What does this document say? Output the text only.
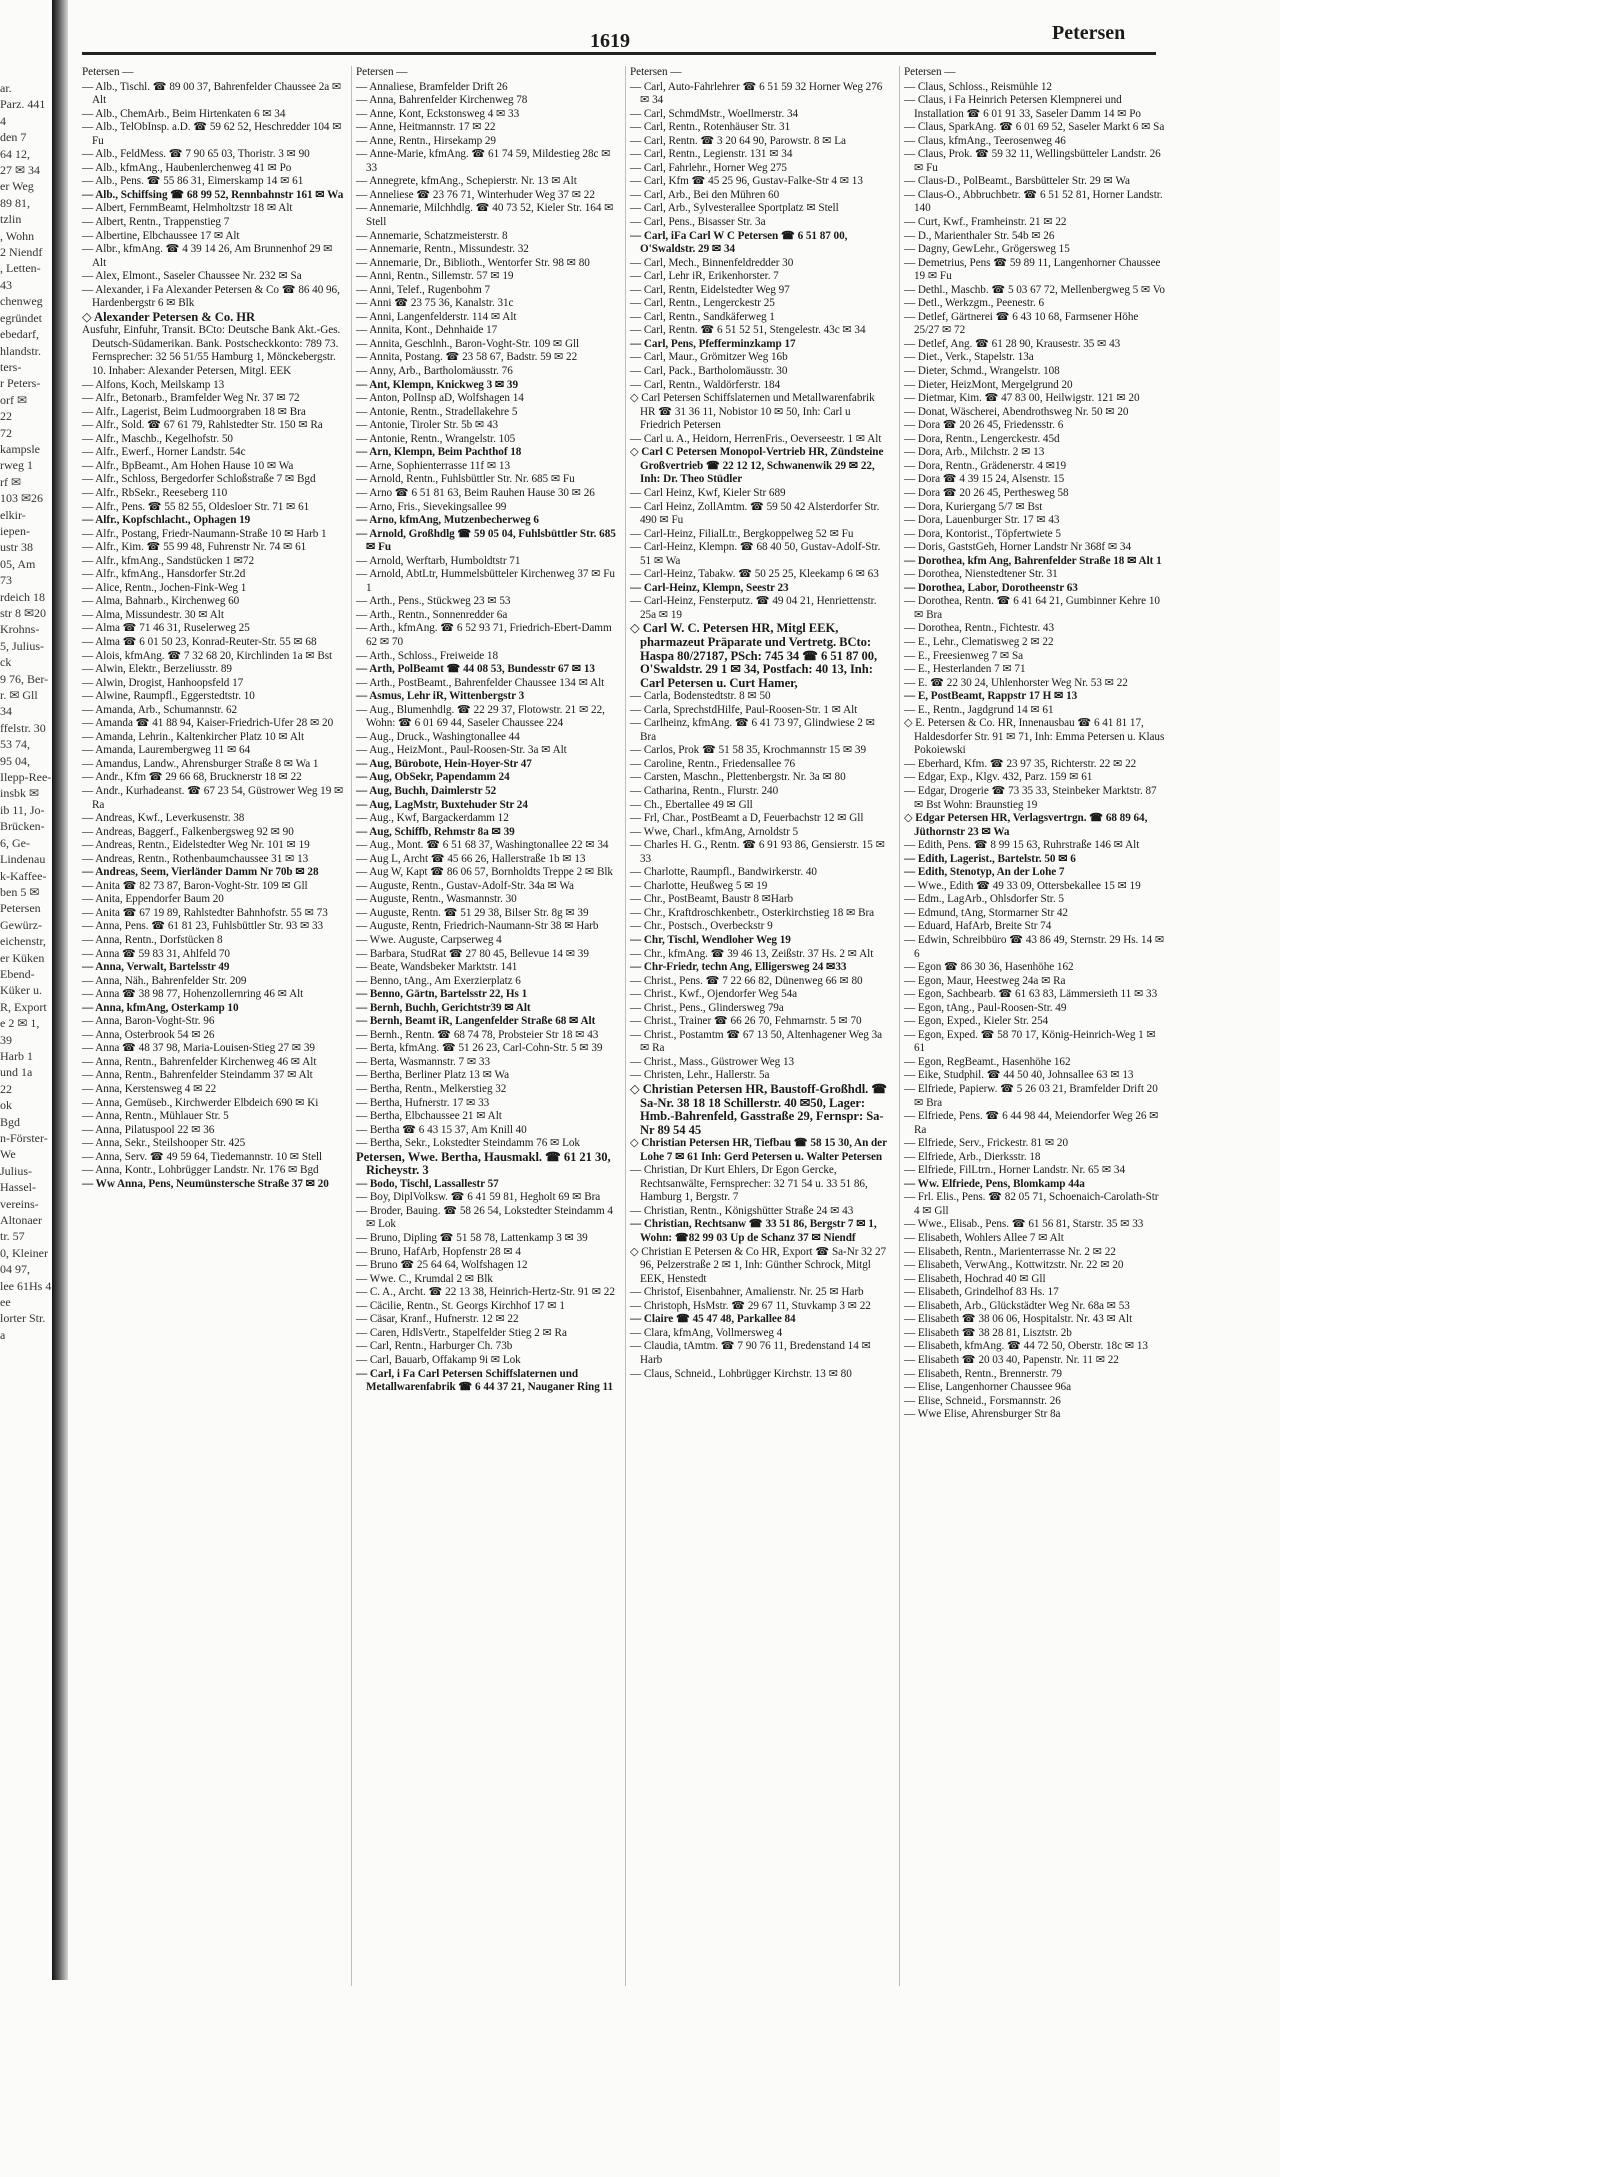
ar.
Parz. 441
4
den 7
64 12,
27 ✉ 34
er Weg
89 81,
tzlin
, Wohn
2 Niendf
, Letten-
43
chenweg
egründet
ebedarf,
hlandstr.
ters-
r Peters-
orf ✉
22
72
kampsle
rweg 1
rf ✉
103 ✉26
elkir-
iepen-
ustr 38
05, Am
73
rdeich 18
str 8 ✉20
Krohns-
5, Julius-
ck
9 76, Ber-
r. ✉ Gll
34
ffelstr. 30
53 74,
95 04,
Ilepp-Ree-
insbk ✉
ib 11, Jo-
Brücken-
6, Ge-
Lindenau
k-Kaffee-
ben 5 ✉
Petersen
Gewürz-
eichenstr,
er Küken
Ebend-
Küker u.
R, Export
e 2 ✉ 1,
39
Harb 1
und 1a
22
ok
Bgd
n-Förster-
We
Julius-
Hassel-
vereins-
Altonaer
tr. 57
0, Kleiner
04 97,
lee 61Hs 4
ee
lorter Str.
a
1619	Petersen
Petersen —

— Alb., Tischl. ☎ 89 00 37, Bahrenfelder Chaussee 2a ✉ Alt

— Alb., ChemArb., Beim Hirtenkaten 6 ✉ 34

— Alb., TelObInsp. a.D. ☎ 59 62 52, Heschredder 104 ✉ Fu

— Alb., FeldMess. ☎ 7 90 65 03, Thoristr. 3 ✉ 90

— Alb., kfmAng., Haubenlerchenweg 41 ✉ Po

— Alb., Pens. ☎ 55 86 31, Eimerskamp 14 ✉ 61

— Alb., Schiffsing ☎ 68 99 52, Rennbahnstr 161 ✉ Wa

— Albert, FernmBeamt, Helmholtzstr 18 ✉ Alt

— Albert, Rentn., Trappenstieg 7

— Albertine, Elbchaussee 17 ✉ Alt

— Albr., kfmAng. ☎ 4 39 14 26, Am Brunnenhof 29 ✉ Alt

— Alex, Elmont., Saseler Chaussee Nr. 232 ✉ Sa

— Alexander, i Fa Alexander Petersen & Co ☎ 86 40 96, Hardenbergstr 6 ✉ Blk

◇ Alexander Petersen & Co. HR

Ausfuhr, Einfuhr, Transit. BCto: Deutsche Bank Akt.-Ges. Deutsch-Südamerikan. Bank. Postscheckkonto: 789 73. Fernsprecher: 32 56 51/55 Hamburg 1, Mönckebergstr. 10. Inhaber: Alexander Petersen, Mitgl. EEK

— Alfons, Koch, Meilskamp 13

— Alfr., Betonarb., Bramfelder Weg Nr. 37 ✉ 72

— Alfr., Lagerist, Beim Ludmoorgraben 18 ✉ Bra

— Alfr., Sold. ☎ 67 61 79, Rahlstedter Str. 150 ✉ Ra

— Alfr., Maschb., Kegelhofstr. 50

— Alfr., Ewerf., Horner Landstr. 54c

— Alfr., BpBeamt., Am Hohen Hause 10 ✉ Wa

— Alfr., Schloss, Bergedorfer Schloßstraße 7 ✉ Bgd

— Alfr., RbSekr., Reeseberg 110

— Alfr., Pens. ☎ 55 82 55, Oldesloer Str. 71 ✉ 61

— Alfr., Kopfschlacht., Ophagen 19

— Alfr., Postang, Friedr-Naumann-Straße 10 ✉ Harb 1

— Alfr., Kim. ☎ 55 99 48, Fuhrenstr Nr. 74 ✉ 61

— Alfr., kfmAng., Sandstücken 1 ✉72

— Alfr., kfmAng., Hansdorfer Str.2d

— Alice, Rentn., Jochen-Fink-Weg 1

— Alma, Bahnarb., Kirchenweg 60

— Alma, Missundestr. 30 ✉ Alt

— Alma ☎ 71 46 31, Ruselerweg 25

— Alma ☎ 6 01 50 23, Konrad-Reuter-Str. 55 ✉ 68

— Alois, kfmAng. ☎ 7 32 68 20, Kirchlinden 1a ✉ Bst

— Alwin, Elektr., Berzeliusstr. 89

— Alwin, Drogist, Hanhoopsfeld 17

— Alwine, Raumpfl., Eggerstedtstr. 10

— Amanda, Arb., Schumannstr. 62

— Amanda ☎ 41 88 94, Kaiser-Friedrich-Ufer 28 ✉ 20

— Amanda, Lehrin., Kaltenkircher Platz 10 ✉ Alt

— Amanda, Laurembergweg 11 ✉ 64

— Amandus, Landw., Ahrensburger Straße 8 ✉ Wa 1

— Andr., Kfm ☎ 29 66 68, Brucknerstr 18 ✉ 22

— Andr., Kurhadeanst. ☎ 67 23 54, Güstrower Weg 19 ✉ Ra

— Andreas, Kwf., Leverkusenstr. 38

— Andreas, Baggerf., Falkenbergsweg 92 ✉ 90

— Andreas, Rentn., Eidelstedter Weg Nr. 101 ✉ 19

— Andreas, Rentn., Rothenbaumchaussee 31 ✉ 13

— Andreas, Seem, Vierländer Damm Nr 70b ✉ 28

— Anita ☎ 82 73 87, Baron-Voght-Str. 109 ✉ Gll

— Anita, Eppendorfer Baum 20

— Anita ☎ 67 19 89, Rahlstedter Bahnhofstr. 55 ✉ 73

— Anna, Pens. ☎ 61 81 23, Fuhlsbüttler Str. 93 ✉ 33

— Anna, Rentn., Dorfstücken 8

— Anna ☎ 59 83 31, Ahlfeld 70

— Anna, Verwalt, Bartelsstr 49

— Anna, Näh., Bahrenfelder Str. 209

— Anna ☎ 38 98 77, Hohenzollernring 46 ✉ Alt

— Anna, kfmAng, Osterkamp 10

— Anna, Baron-Voght-Str. 96

— Anna, Osterbrook 54 ✉ 26

— Anna ☎ 48 37 98, Maria-Louisen-Stieg 27 ✉ 39

— Anna, Rentn., Bahrenfelder Kirchenweg 46 ✉ Alt

— Anna, Rentn., Bahrenfelder Steindamm 37 ✉ Alt

— Anna, Kerstensweg 4 ✉ 22

— Anna, Gemüseb., Kirchwerder Elbdeich 690 ✉ Ki

— Anna, Rentn., Mühlauer Str. 5

— Anna, Pilatuspool 22 ✉ 36

— Anna, Sekr., Steilshooper Str. 425

— Anna, Serv. ☎ 49 59 64, Tiedemannstr. 10 ✉ Stell

— Anna, Kontr., Lohbrügger Landstr. Nr. 176 ✉ Bgd

— Ww Anna, Pens, Neumünstersche Straße 37 ✉ 20

Petersen —

— Annaliese, Bramfelder Drift 26

— Anna, Bahrenfelder Kirchenweg 78

— Anne, Kont, Eckstonsweg 4 ✉ 33

— Anne, Heitmannstr. 17 ✉ 22

— Anne, Rentn., Hirsekamp 29

— Anne-Marie, kfmAng. ☎ 61 74 59, Mildestieg 28c ✉ 33

— Annegrete, kfmAng., Schepierstr. Nr. 13 ✉ Alt

— Anneliese ☎ 23 76 71, Winterhuder Weg 37 ✉ 22

— Annemarie, Milchhdlg. ☎ 40 73 52, Kieler Str. 164 ✉ Stell

— Annemarie, Schatzmeisterstr. 8

— Annemarie, Rentn., Missundestr. 32

— Annemarie, Dr., Biblioth., Wentorfer Str. 98 ✉ 80

— Anni, Rentn., Sillemstr. 57 ✉ 19

— Anni, Telef., Rugenbohm 7

— Anni ☎ 23 75 36, Kanalstr. 31c

— Anni, Langenfelderstr. 114 ✉ Alt

— Annita, Kont., Dehnhaide 17

— Annita, Geschlnh., Baron-Voght-Str. 109 ✉ Gll

— Annita, Postang. ☎ 23 58 67, Badstr. 59 ✉ 22

— Anny, Arb., Bartholomäusstr. 76

— Ant, Klempn, Knickweg 3 ✉ 39

— Anton, PolInsp aD, Wolfshagen 14

— Antonie, Rentn., Stradellakehre 5

— Antonie, Tiroler Str. 5b ✉ 43

— Antonie, Rentn., Wrangelstr. 105

— Arn, Klempn, Beim Pachthof 18

— Arne, Sophienterrasse 11f ✉ 13

— Arnold, Rentn., Fuhlsbüttler Str. Nr. 685 ✉ Fu

— Arno ☎ 6 51 81 63, Beim Rauhen Hause 30 ✉ 26

— Arno, Fris., Sievekingsallee 99

— Arno, kfmAng, Mutzenbecherweg 6

— Arnold, Großhdlg ☎ 59 05 04, Fuhlsbüttler Str. 685 ✉ Fu

— Arnold, Werftarb, Humboldtstr 71

— Arnold, AbtLtr, Hummelsbütteler Kirchenweg 37 ✉ Fu 1

— Arth., Pens., Stückweg 23 ✉ 53

— Arth., Rentn., Sonnenredder 6a

— Arth., kfmAng. ☎ 6 52 93 71, Friedrich-Ebert-Damm 62 ✉ 70

— Arth., Schloss., Freiweide 18

— Arth, PolBeamt ☎ 44 08 53, Bundesstr 67 ✉ 13

— Arth., PostBeamt., Bahrenfelder Chaussee 134 ✉ Alt

— Asmus, Lehr iR, Wittenbergstr 3

— Aug., Blumenhdlg. ☎ 22 29 37, Flotowstr. 21 ✉ 22, Wohn: ☎ 6 01 69 44, Saseler Chaussee 224

— Aug., Druck., Washingtonallee 44

— Aug., HeizMont., Paul-Roosen-Str. 3a ✉ Alt

— Aug, Bürobote, Hein-Hoyer-Str 47

— Aug, ObSekr, Papendamm 24

— Aug, Buchh, Daimlerstr 52

— Aug, LagMstr, Buxtehuder Str 24

— Aug., Kwf, Bargackerdamm 12

— Aug, Schiffb, Rehmstr 8a ✉ 39

— Aug., Mont. ☎ 6 51 68 37, Washingtonallee 22 ✉ 34

— Aug L, Archt ☎ 45 66 26, Hallerstraße 1b ✉ 13

— Aug W, Kapt ☎ 86 06 57, Bornholdts Treppe 2 ✉ Blk

— Auguste, Rentn., Gustav-Adolf-Str. 34a ✉ Wa

— Auguste, Rentn., Wasmannstr. 30

— Auguste, Rentn. ☎ 51 29 38, Bilser Str. 8g ✉ 39

— Auguste, Rentn, Friedrich-Naumann-Str 38 ✉ Harb

— Wwe. Auguste, Carpserweg 4

— Barbara, StudRat ☎ 27 80 45, Bellevue 14 ✉ 39

— Beate, Wandsbeker Marktstr. 141

— Benno, tAng., Am Exerzierplatz 6

— Benno, Gärtn, Bartelsstr 22, Hs 1

— Bernh, Buchh, Gerichtstr39 ✉ Alt

— Bernh, Beamt iR, Langenfelder Straße 68 ✉ Alt

— Bernh., Rentn. ☎ 68 74 78, Probsteier Str 18 ✉ 43

— Berta, kfmAng. ☎ 51 26 23, Carl-Cohn-Str. 5 ✉ 39

— Berta, Wasmannstr. 7 ✉ 33

— Bertha, Berliner Platz 13 ✉ Wa

— Bertha, Rentn., Melkerstieg 32

— Bertha, Hufnerstr. 17 ✉ 33

— Bertha, Elbchaussee 21 ✉ Alt

— Bertha ☎ 6 43 15 37, Am Knill 40

— Bertha, Sekr., Lokstedter Steindamm 76 ✉ Lok

Petersen, Wwe. Bertha, Hausmakl. ☎ 61 21 30, Richeystr. 3

— Bodo, Tischl, Lassallestr 57

— Boy, DiplVolksw. ☎ 6 41 59 81, Hegholt 69 ✉ Bra

— Broder, Bauing. ☎ 58 26 54, Lokstedter Steindamm 4 ✉ Lok

— Bruno, Dipling ☎ 51 58 78, Lattenkamp 3 ✉ 39

— Bruno, HafArb, Hopfenstr 28 ✉ 4

— Bruno ☎ 25 64 64, Wolfshagen 12

— Wwe. C., Krumdal 2 ✉ Blk

— C. A., Archt. ☎ 22 13 38, Heinrich-Hertz-Str. 91 ✉ 22

— Cäcilie, Rentn., St. Georgs Kirchhof 17 ✉ 1

— Cäsar, Kranf., Hufnerstr. 12 ✉ 22

— Caren, HdlsVertr., Stapelfelder Stieg 2 ✉ Ra

— Carl, Rentn., Harburger Ch. 73b

— Carl, Bauarb, Offakamp 9i ✉ Lok

— Carl, i Fa Carl Petersen Schiffslaternen und Metallwarenfabrik ☎ 6 44 37 21, Nauganer Ring 11

Petersen —

— Carl, Auto-Fahrlehrer ☎ 6 51 59 32 Horner Weg 276 ✉ 34

— Carl, SchmdMstr., Woellmerstr. 34

— Carl, Rentn., Rotenhäuser Str. 31

— Carl, Rentn. ☎ 3 20 64 90, Parowstr. 8 ✉ La

— Carl, Rentn., Legienstr. 131 ✉ 34

— Carl, Fahrlehr., Horner Weg 275

— Carl, Kfm ☎ 45 25 96, Gustav-Falke-Str 4 ✉ 13

— Carl, Arb., Bei den Mühren 60

— Carl, Arb., Sylvesterallee Sportplatz ✉ Stell

— Carl, Pens., Bisasser Str. 3a

— Carl, iFa Carl W C Petersen ☎ 6 51 87 00, O'Swaldstr. 29 ✉ 34

— Carl, Mech., Binnenfeldredder 30

— Carl, Lehr iR, Erikenhorster. 7

— Carl, Rentn, Eidelstedter Weg 97

— Carl, Rentn., Lengerckestr 25

— Carl, Rentn., Sandkäferweg 1

— Carl, Rentn. ☎ 6 51 52 51, Stengelestr. 43c ✉ 34

— Carl, Pens, Pfefferminzkamp 17

— Carl, Maur., Grömitzer Weg 16b

— Carl, Pack., Bartholomäusstr. 30

— Carl, Rentn., Waldörferstr. 184

◇ Carl Petersen Schiffslaternen und Metallwarenfabrik HR ☎ 31 36 11, Nobistor 10 ✉ 50, Inh: Carl u Friedrich Petersen

— Carl u. A., Heidorn, HerrenFris., Oeverseestr. 1 ✉ Alt

◇ Carl C Petersen Monopol-Vertrieb HR, Zündsteine Großvertrieb ☎ 22 12 12, Schwanenwik 29 ✉ 22, Inh: Dr. Theo Stüdler

— Carl Heinz, Kwf, Kieler Str 689

— Carl Heinz, ZollAmtm. ☎ 59 50 42 Alsterdorfer Str. 490 ✉ Fu

— Carl-Heinz, FilialLtr., Bergkoppelweg 52 ✉ Fu

— Carl-Heinz, Klempn. ☎ 68 40 50, Gustav-Adolf-Str. 51 ✉ Wa

— Carl-Heinz, Tabakw. ☎ 50 25 25, Kleekamp 6 ✉ 63

— Carl-Heinz, Klempn, Seestr 23

— Carl-Heinz, Fensterputz. ☎ 49 04 21, Henriettenstr. 25a ✉ 19

◇ Carl W. C. Petersen HR, Mitgl EEK, pharmazeut Präparate und Vertretg. BCto: Haspa 80/27187, PSch: 745 34 ☎ 6 51 87 00, O'Swaldstr. 29 1 ✉ 34, Postfach: 40 13, Inh: Carl Petersen u. Curt Hamer,

— Carla, Bodenstedtstr. 8 ✉ 50

— Carla, SprechstdHilfe, Paul-Roosen-Str. 1 ✉ Alt

— Carlheinz, kfmAng. ☎ 6 41 73 97, Glindwiese 2 ✉ Bra

— Carlos, Prok ☎ 51 58 35, Krochmannstr 15 ✉ 39

— Caroline, Rentn., Friedensallee 76

— Carsten, Maschn., Plettenbergstr. Nr. 3a ✉ 80

— Catharina, Rentn., Flurstr. 240

— Ch., Ebertallee 49 ✉ Gll

— Frl, Char., PostBeamt a D, Feuerbachstr 12 ✉ Gll

— Wwe, Charl., kfmAng, Arnoldstr 5

— Charles H. G., Rentn. ☎ 6 91 93 86, Gensierstr. 15 ✉ 33

— Charlotte, Raumpfl., Bandwirkerstr. 40

— Charlotte, Heußweg 5 ✉ 19

— Chr., PostBeamt, Baustr 8 ✉Harb

— Chr., Kraftdroschkenbetr., Osterkirchstieg 18 ✉ Bra

— Chr., Postsch., Overbeckstr 9

— Chr, Tischl, Wendloher Weg 19

— Chr., kfmAng. ☎ 39 46 13, Zeißstr. 37 Hs. 2 ✉ Alt

— Chr-Friedr, techn Ang, Elligersweg 24 ✉33

— Christ., Pens. ☎ 7 22 66 82, Dünenweg 66 ✉ 80

— Christ., Kwf., Ojendorfer Weg 54a

— Christ., Pens., Glindersweg 79a

— Christ., Trainer ☎ 66 26 70, Fehmarnstr. 5 ✉ 70

— Christ., Postamtm ☎ 67 13 50, Altenhagener Weg 3a ✉ Ra

— Christ., Mass., Güstrower Weg 13

— Christen, Lehr., Hallerstr. 5a

◇ Christian Petersen HR, Baustoff-Großhdl. ☎ Sa-Nr. 38 18 18 Schillerstr. 40 ✉50, Lager: Hmb.-Bahrenfeld, Gasstraße 29, Fernspr: Sa-Nr 89 54 45

◇ Christian Petersen HR, Tiefbau ☎ 58 15 30, An der Lohe 7 ✉ 61 Inh: Gerd Petersen u. Walter Petersen

— Christian, Dr Kurt Ehlers, Dr Egon Gercke, Rechtsanwälte, Fernsprecher: 32 71 54 u. 33 51 86, Hamburg 1, Bergstr. 7

— Christian, Rentn., Königshütter Straße 24 ✉ 43

— Christian, Rechtsanw ☎ 33 51 86, Bergstr 7 ✉ 1, Wohn: ☎82 99 03 Up de Schanz 37 ✉ Niendf

◇ Christian E Petersen & Co HR, Export ☎ Sa-Nr 32 27 96, Pelzerstraße 2 ✉ 1, Inh: Günther Schrock, Mitgl EEK, Henstedt

— Christof, Eisenbahner, Amalienstr. Nr. 25 ✉ Harb

— Christoph, HsMstr. ☎ 29 67 11, Stuvkamp 3 ✉ 22

— Claire ☎ 45 47 48, Parkallee 84

— Clara, kfmAng, Vollmersweg 4

— Claudia, tAmtm. ☎ 7 90 76 11, Bredenstand 14 ✉ Harb

— Claus, Schneid., Lohbrügger Kirchstr. 13 ✉ 80

Petersen —

— Claus, Schloss., Reismühle 12

— Claus, i Fa Heinrich Petersen Klempnerei und Installation ☎ 6 01 91 33, Saseler Damm 14 ✉ Po

— Claus, SparkAng. ☎ 6 01 69 52, Saseler Markt 6 ✉ Sa

— Claus, kfmAng., Teerosenweg 46

— Claus, Prok. ☎ 59 32 11, Wellingsbütteler Landstr. 26 ✉ Fu

— Claus-D., PolBeamt., Barsbütteler Str. 29 ✉ Wa

— Claus-O., Abbruchbetr. ☎ 6 51 52 81, Horner Landstr. 140

— Curt, Kwf., Framheinstr. 21 ✉ 22

— D., Marienthaler Str. 54b ✉ 26

— Dagny, GewLehr., Grögersweg 15

— Demetrius, Pens ☎ 59 89 11, Langenhorner Chaussee 19 ✉ Fu

— Dethl., Maschb. ☎ 5 03 67 72, Mellenbergweg 5 ✉ Vo

— Detl., Werkzgm., Peenestr. 6

— Detlef, Gärtnerei ☎ 6 43 10 68, Farmsener Höhe 25/27 ✉ 72

— Detlef, Ang. ☎ 61 28 90, Krausestr. 35 ✉ 43

— Diet., Verk., Stapelstr. 13a

— Dieter, Schmd., Wrangelstr. 108

— Dieter, HeizMont, Mergelgrund 20

— Dietmar, Kim. ☎ 47 83 00, Heilwigstr. 121 ✉ 20

— Donat, Wäscherei, Abendrothsweg Nr. 50 ✉ 20

— Dora ☎ 20 26 45, Friedensstr. 6

— Dora, Rentn., Lengerckestr. 45d

— Dora, Arb., Milchstr. 2 ✉ 13

— Dora, Rentn., Grädenerstr. 4 ✉19

— Dora ☎ 4 39 15 24, Alsenstr. 15

— Dora ☎ 20 26 45, Perthesweg 58

— Dora, Kuriergang 5/7 ✉ Bst

— Dora, Lauenburger Str. 17 ✉ 43

— Dora, Kontorist., Töpfertwiete 5

— Doris, GaststGeh, Horner Landstr Nr 368f ✉ 34

— Dorothea, kfm Ang, Bahrenfelder Straße 18 ✉ Alt 1

— Dorothea, Nienstedtener Str. 31

— Dorothea, Labor, Dorotheenstr 63

— Dorothea, Rentn. ☎ 6 41 64 21, Gumbinner Kehre 10 ✉ Bra

— Dorothea, Rentn., Fichtestr. 43

— E., Lehr., Clematisweg 2 ✉ 22

— E., Freesienweg 7 ✉ Sa

— E., Hesterlanden 7 ✉ 71

— E. ☎ 22 30 24, Uhlenhorster Weg Nr. 53 ✉ 22

— E, PostBeamt, Rappstr 17 H ✉ 13

— E., Rentn., Jagdgrund 14 ✉ 61

◇ E. Petersen & Co. HR, Innenausbau ☎ 6 41 81 17, Haldesdorfer Str. 91 ✉ 71, Inh: Emma Petersen u. Klaus Pokoiewski

— Eberhard, Kfm. ☎ 23 97 35, Richterstr. 22 ✉ 22

— Edgar, Exp., Klgv. 432, Parz. 159 ✉ 61

— Edgar, Drogerie ☎ 73 35 33, Steinbeker Marktstr. 87 ✉ Bst Wohn: Braunstieg 19

◇ Edgar Petersen HR, Verlagsvertrgn. ☎ 68 89 64, Jüthornstr 23 ✉ Wa

— Edith, Pens. ☎ 8 99 15 63, Ruhrstraße 146 ✉ Alt

— Edith, Lagerist., Bartelstr. 50 ✉ 6

— Edith, Stenotyp, An der Lohe 7

— Wwe., Edith ☎ 49 33 09, Ottersbekallee 15 ✉ 19

— Edm., LagArb., Ohlsdorfer Str. 5

— Edmund, tAng, Stormarner Str 42

— Eduard, HafArb, Breite Str 74

— Edwin, Schreibbüro ☎ 43 86 49, Sternstr. 29 Hs. 14 ✉ 6

— Egon ☎ 86 30 36, Hasenhöhe 162

— Egon, Maur, Heestweg 24a ✉ Ra

— Egon, Sachbearb. ☎ 61 63 83, Lämmersieth 11 ✉ 33

— Egon, tAng., Paul-Roosen-Str. 49

— Egon, Exped., Kieler Str. 254

— Egon, Exped. ☎ 58 70 17, König-Heinrich-Weg 1 ✉ 61

— Egon, RegBeamt., Hasenhöhe 162

— Eike, Studphil. ☎ 44 50 40, Johnsallee 63 ✉ 13

— Elfriede, Papierw. ☎ 5 26 03 21, Bramfelder Drift 20 ✉ Bra

— Elfriede, Pens. ☎ 6 44 98 44, Meiendorfer Weg 26 ✉ Ra

— Elfriede, Serv., Frickestr. 81 ✉ 20

— Elfriede, Arb., Dierksstr. 18

— Elfriede, FilLtrn., Horner Landstr. Nr. 65 ✉ 34

— Ww. Elfriede, Pens, Blomkamp 44a

— Frl. Elis., Pens. ☎ 82 05 71, Schoenaich-Carolath-Str 4 ✉ Gll

— Wwe., Elisab., Pens. ☎ 61 56 81, Starstr. 35 ✉ 33

— Elisabeth, Wohlers Allee 7 ✉ Alt

— Elisabeth, Rentn., Marienterrasse Nr. 2 ✉ 22

— Elisabeth, VerwAng., Kottwitzstr. Nr. 22 ✉ 20

— Elisabeth, Hochrad 40 ✉ Gll

— Elisabeth, Grindelhof 83 Hs. 17

— Elisabeth, Arb., Glückstädter Weg Nr. 68a ✉ 53

— Elisabeth ☎ 38 06 06, Hospitalstr. Nr. 43 ✉ Alt

— Elisabeth ☎ 38 28 81, Lisztstr. 2b

— Elisabeth, kfmAng. ☎ 44 72 50, Oberstr. 18c ✉ 13

— Elisabeth ☎ 20 03 40, Papenstr. Nr. 11 ✉ 22

— Elisabeth, Rentn., Brennerstr. 79

— Elise, Langenhorner Chaussee 96a

— Elise, Schneid., Forsmannstr. 26

— Wwe Elise, Ahrensburger Str 8a
